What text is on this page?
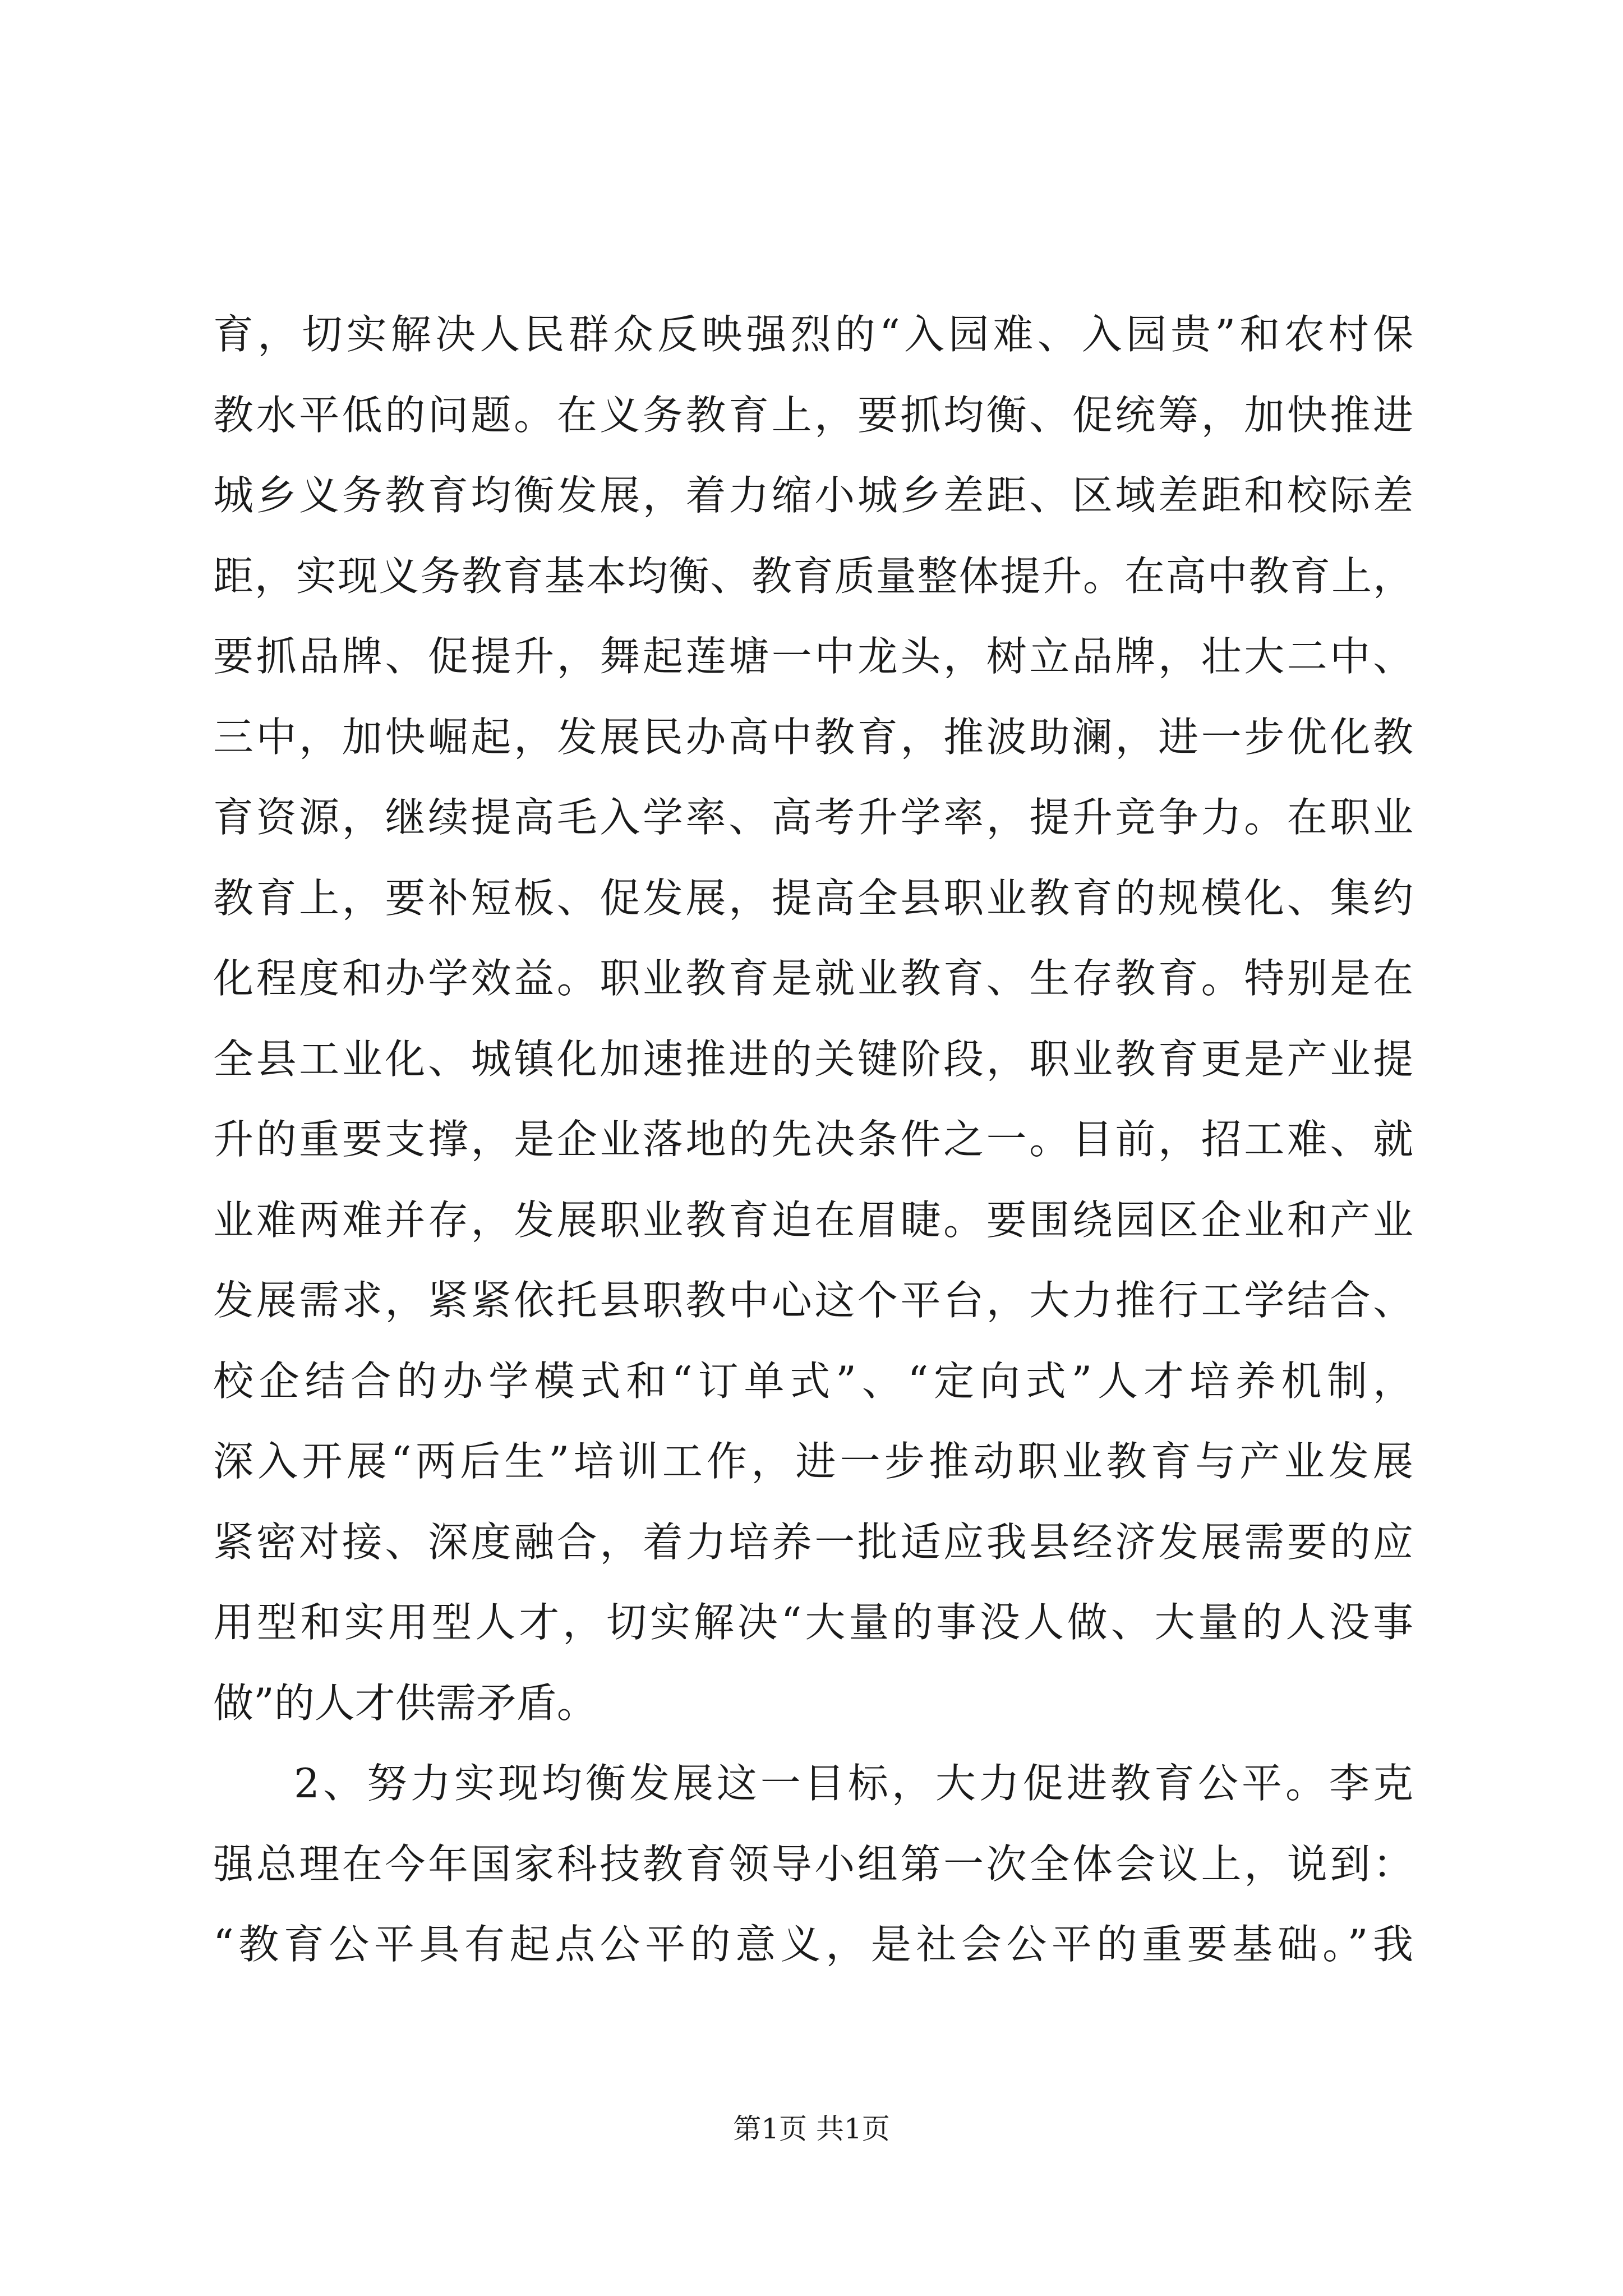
育，切实解决人民群众反映强烈的“入园难、入园贵”和农村保
教水平低的问题。在义务教育上，要抓均衡、促统筹，加快推进
城乡义务教育均衡发展，着力缩小城乡差距、区域差距和校际差
距，实现义务教育基本均衡、教育质量整体提升。在高中教育上，
要抓品牌、促提升，舞起莲塘一中龙头，树立品牌，壮大二中、
三中，加快崛起，发展民办高中教育，推波助澜，进一步优化教
育资源，继续提高毛入学率、高考升学率，提升竞争力。在职业
教育上，要补短板、促发展，提高全县职业教育的规模化、集约
化程度和办学效益。职业教育是就业教育、生存教育。特别是在
全县工业化、城镇化加速推进的关键阶段，职业教育更是产业提
升的重要支撑，是企业落地的先决条件之一。目前，招工难、就
业难两难并存，发展职业教育迫在眉睫。要围绕园区企业和产业
发展需求，紧紧依托县职教中心这个平台，大力推行工学结合、
校企结合的办学模式和“订单式”、“定向式”人才培养机制，
深入开展“两后生”培训工作，进一步推动职业教育与产业发展
紧密对接、深度融合，着力培养一批适应我县经济发展需要的应
用型和实用型人才，切实解决“大量的事没人做、大量的人没事
做”的人才供需矛盾。
2、努力实现均衡发展这一目标，大力促进教育公平。李克
强总理在今年国家科技教育领导小组第一次全体会议上，说到：
“教育公平具有起点公平的意义，是社会公平的重要基础。”我
第1页 共1页
